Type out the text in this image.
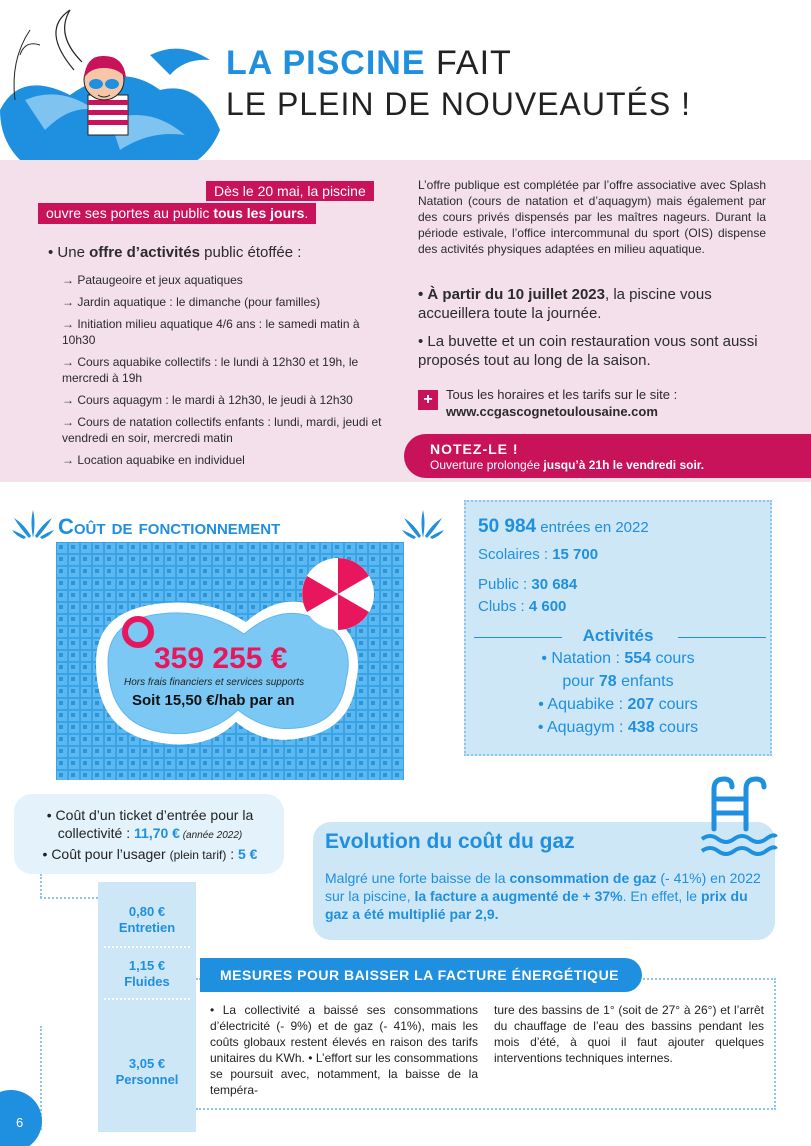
LA PISCINE FAIT
LE PLEIN DE NOUVEAUTÉS !
Dès le 20 mai, la piscine
ouvre ses portes au public tous les jours.
• Une offre d’activités public étoffée :
→ Pataugeoire et jeux aquatiques
→ Jardin aquatique : le dimanche (pour familles)
→ Initiation milieu aquatique 4/6 ans : le samedi matin à 10h30
→ Cours aquabike collectifs : le lundi à 12h30 et 19h, le mercredi à 19h
→ Cours aquagym : le mardi à 12h30, le jeudi à 12h30
→ Cours de natation collectifs enfants : lundi, mardi, jeudi et vendredi en soir, mercredi matin
→ Location aquabike en individuel
L’offre publique est complétée par l’offre associative avec Splash Natation (cours de natation et d’aquagym) mais également par des cours privés dispensés par les maîtres nageurs. Durant la période estivale, l’office intercommunal du sport (OIS) dispense des activités physiques adaptées en milieu aquatique.
• À partir du 10 juillet 2023, la piscine vous accueillera toute la journée.
• La buvette et un coin restauration vous sont aussi proposés tout au long de la saison.
+	Tous les horaires et les tarifs sur le site :
www.ccgascognetoulousaine.com
NOTEZ-LE !
Ouverture prolongée jusqu’à 21h le vendredi soir.
Coût de fonctionnement
359 255 €
Hors frais financiers et services supports
Soit 15,50 €/hab par an
50 984 entrées en 2022
Scolaires : 15 700
Public : 30 684
Clubs : 4 600
Activités
• Natation : 554 cours
pour 78 enfants
• Aquabike : 207 cours
• Aquagym : 438 cours
• Coût d’un ticket d’entrée pour la
collectivité : 11,70 € (année 2022)
• Coût pour l’usager (plein tarif) : 5 €
0,80 €
Entretien
1,15 €
Fluides
3,05 €
Personnel
Evolution du coût du gaz
Malgré une forte baisse de la consommation de gaz (- 41%) en 2022 sur la piscine, la facture a augmenté de + 37%. En effet, le prix du gaz a été multiplié par 2,9.
MESURES POUR BAISSER LA FACTURE ÉNERGÉTIQUE
• La collectivité a baissé ses consommations d’électricité (- 9%) et de gaz (- 41%), mais les coûts globaux restent élevés en raison des tarifs unitaires du KWh. • L’effort sur les consommations se poursuit avec, notamment, la baisse de la tempéra-
ture des bassins de 1° (soit de 27° à 26°) et l’arrêt du chauffage de l’eau des bassins pendant les mois d’été, à quoi il faut ajouter quelques interventions techniques internes.
6
